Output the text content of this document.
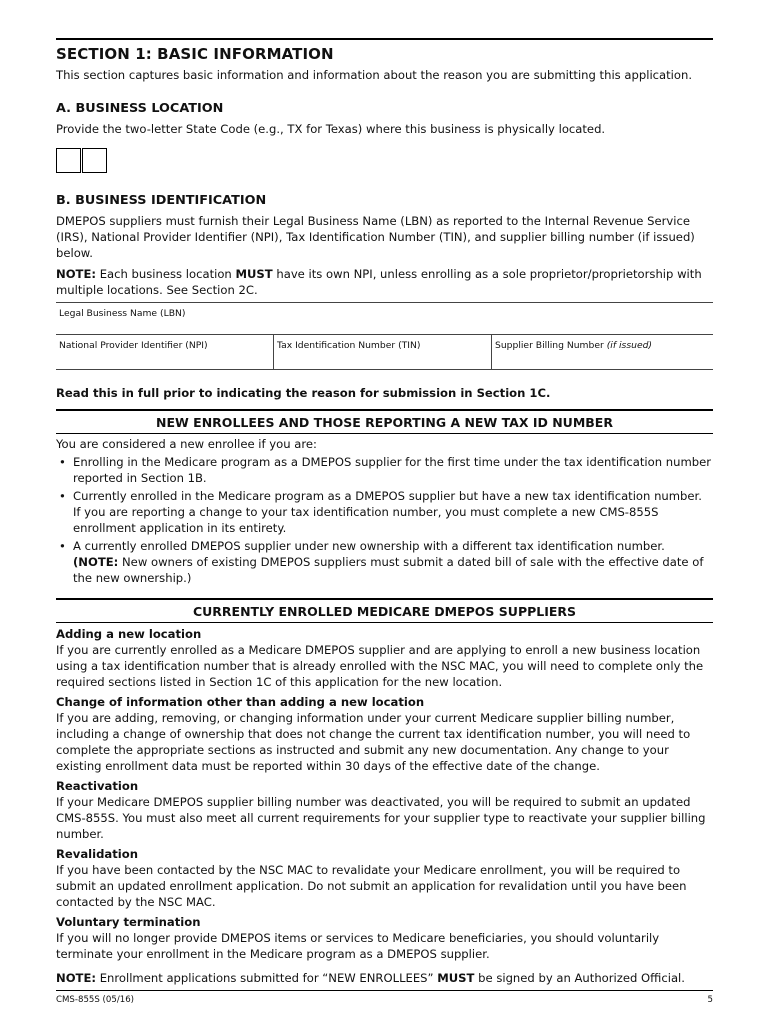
SECTION 1: BASIC INFORMATION
This section captures basic information and information about the reason you are submitting this application.
A. BUSINESS LOCATION
Provide the two-letter State Code (e.g., TX for Texas) where this business is physically located.
B. BUSINESS IDENTIFICATION
DMEPOS suppliers must furnish their Legal Business Name (LBN) as reported to the Internal Revenue Service (IRS), National Provider Identifier (NPI), Tax Identification Number (TIN), and supplier billing number (if issued) below.
NOTE: Each business location MUST have its own NPI, unless enrolling as a sole proprietor/proprietorship with multiple locations. See Section 2C.
Legal Business Name (LBN)
National Provider Identifier (NPI)	Tax Identification Number (TIN)	Supplier Billing Number (if issued)
Read this in full prior to indicating the reason for submission in Section 1C.
NEW ENROLLEES AND THOSE REPORTING A NEW TAX ID NUMBER
You are considered a new enrollee if you are:
• Enrolling in the Medicare program as a DMEPOS supplier for the first time under the tax identification number reported in Section 1B.
• Currently enrolled in the Medicare program as a DMEPOS supplier but have a new tax identification number. If you are reporting a change to your tax identification number, you must complete a new CMS-855S enrollment application in its entirety.
• A currently enrolled DMEPOS supplier under new ownership with a different tax identification number. (NOTE: New owners of existing DMEPOS suppliers must submit a dated bill of sale with the effective date of the new ownership.)
CURRENTLY ENROLLED MEDICARE DMEPOS SUPPLIERS
Adding a new location
If you are currently enrolled as a Medicare DMEPOS supplier and are applying to enroll a new business location using a tax identification number that is already enrolled with the NSC MAC, you will need to complete only the required sections listed in Section 1C of this application for the new location.
Change of information other than adding a new location
If you are adding, removing, or changing information under your current Medicare supplier billing number, including a change of ownership that does not change the current tax identification number, you will need to complete the appropriate sections as instructed and submit any new documentation. Any change to your existing enrollment data must be reported within 30 days of the effective date of the change.
Reactivation
If your Medicare DMEPOS supplier billing number was deactivated, you will be required to submit an updated CMS-855S. You must also meet all current requirements for your supplier type to reactivate your supplier billing number.
Revalidation
If you have been contacted by the NSC MAC to revalidate your Medicare enrollment, you will be required to submit an updated enrollment application. Do not submit an application for revalidation until you have been contacted by the NSC MAC.
Voluntary termination
If you will no longer provide DMEPOS items or services to Medicare beneficiaries, you should voluntarily terminate your enrollment in the Medicare program as a DMEPOS supplier.
NOTE: Enrollment applications submitted for “NEW ENROLLEES” MUST be signed by an Authorized Official.
CMS-855S (05/16)	5
